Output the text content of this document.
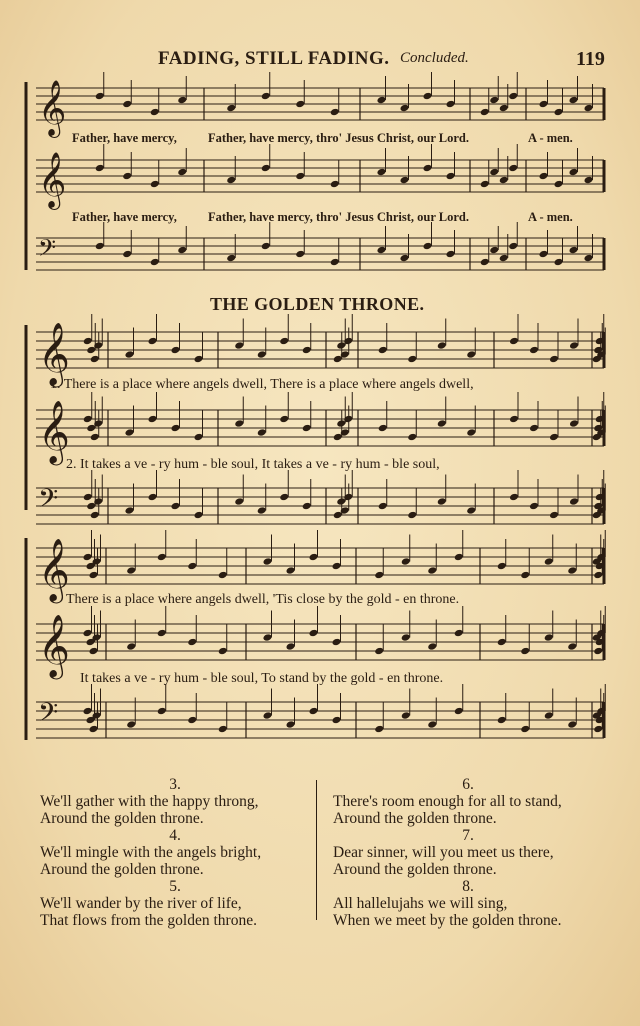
FADING, STILL FADING. Concluded.	119
𝄞
𝄞
𝄢
𝄞
𝄞
𝄢
𝄞
𝄞
𝄢
Father, have mercy, Father, have mercy, thro' Jesus Christ, our Lord.	A - men.
Father, have mercy, Father, have mercy, thro' Jesus Christ, our Lord.	A - men.
THE GOLDEN THRONE.
1. There is a place where angels dwell, There is a place where angels dwell,
2. It takes a ve - ry hum - ble soul, It takes a ve - ry hum - ble soul,
There is a place where angels dwell, 'Tis close by the gold - en throne.
It takes a ve - ry hum - ble soul, To stand by the gold - en throne.
3.
We'll gather with the happy throng,
Around the golden throne.
4.
We'll mingle with the angels bright,
Around the golden throne.
5.
We'll wander by the river of life,
That flows from the golden throne.
6.
There's room enough for all to stand,
Around the golden throne.
7.
Dear sinner, will you meet us there,
Around the golden throne.
8.
All hallelujahs we will sing,
When we meet by the golden throne.
